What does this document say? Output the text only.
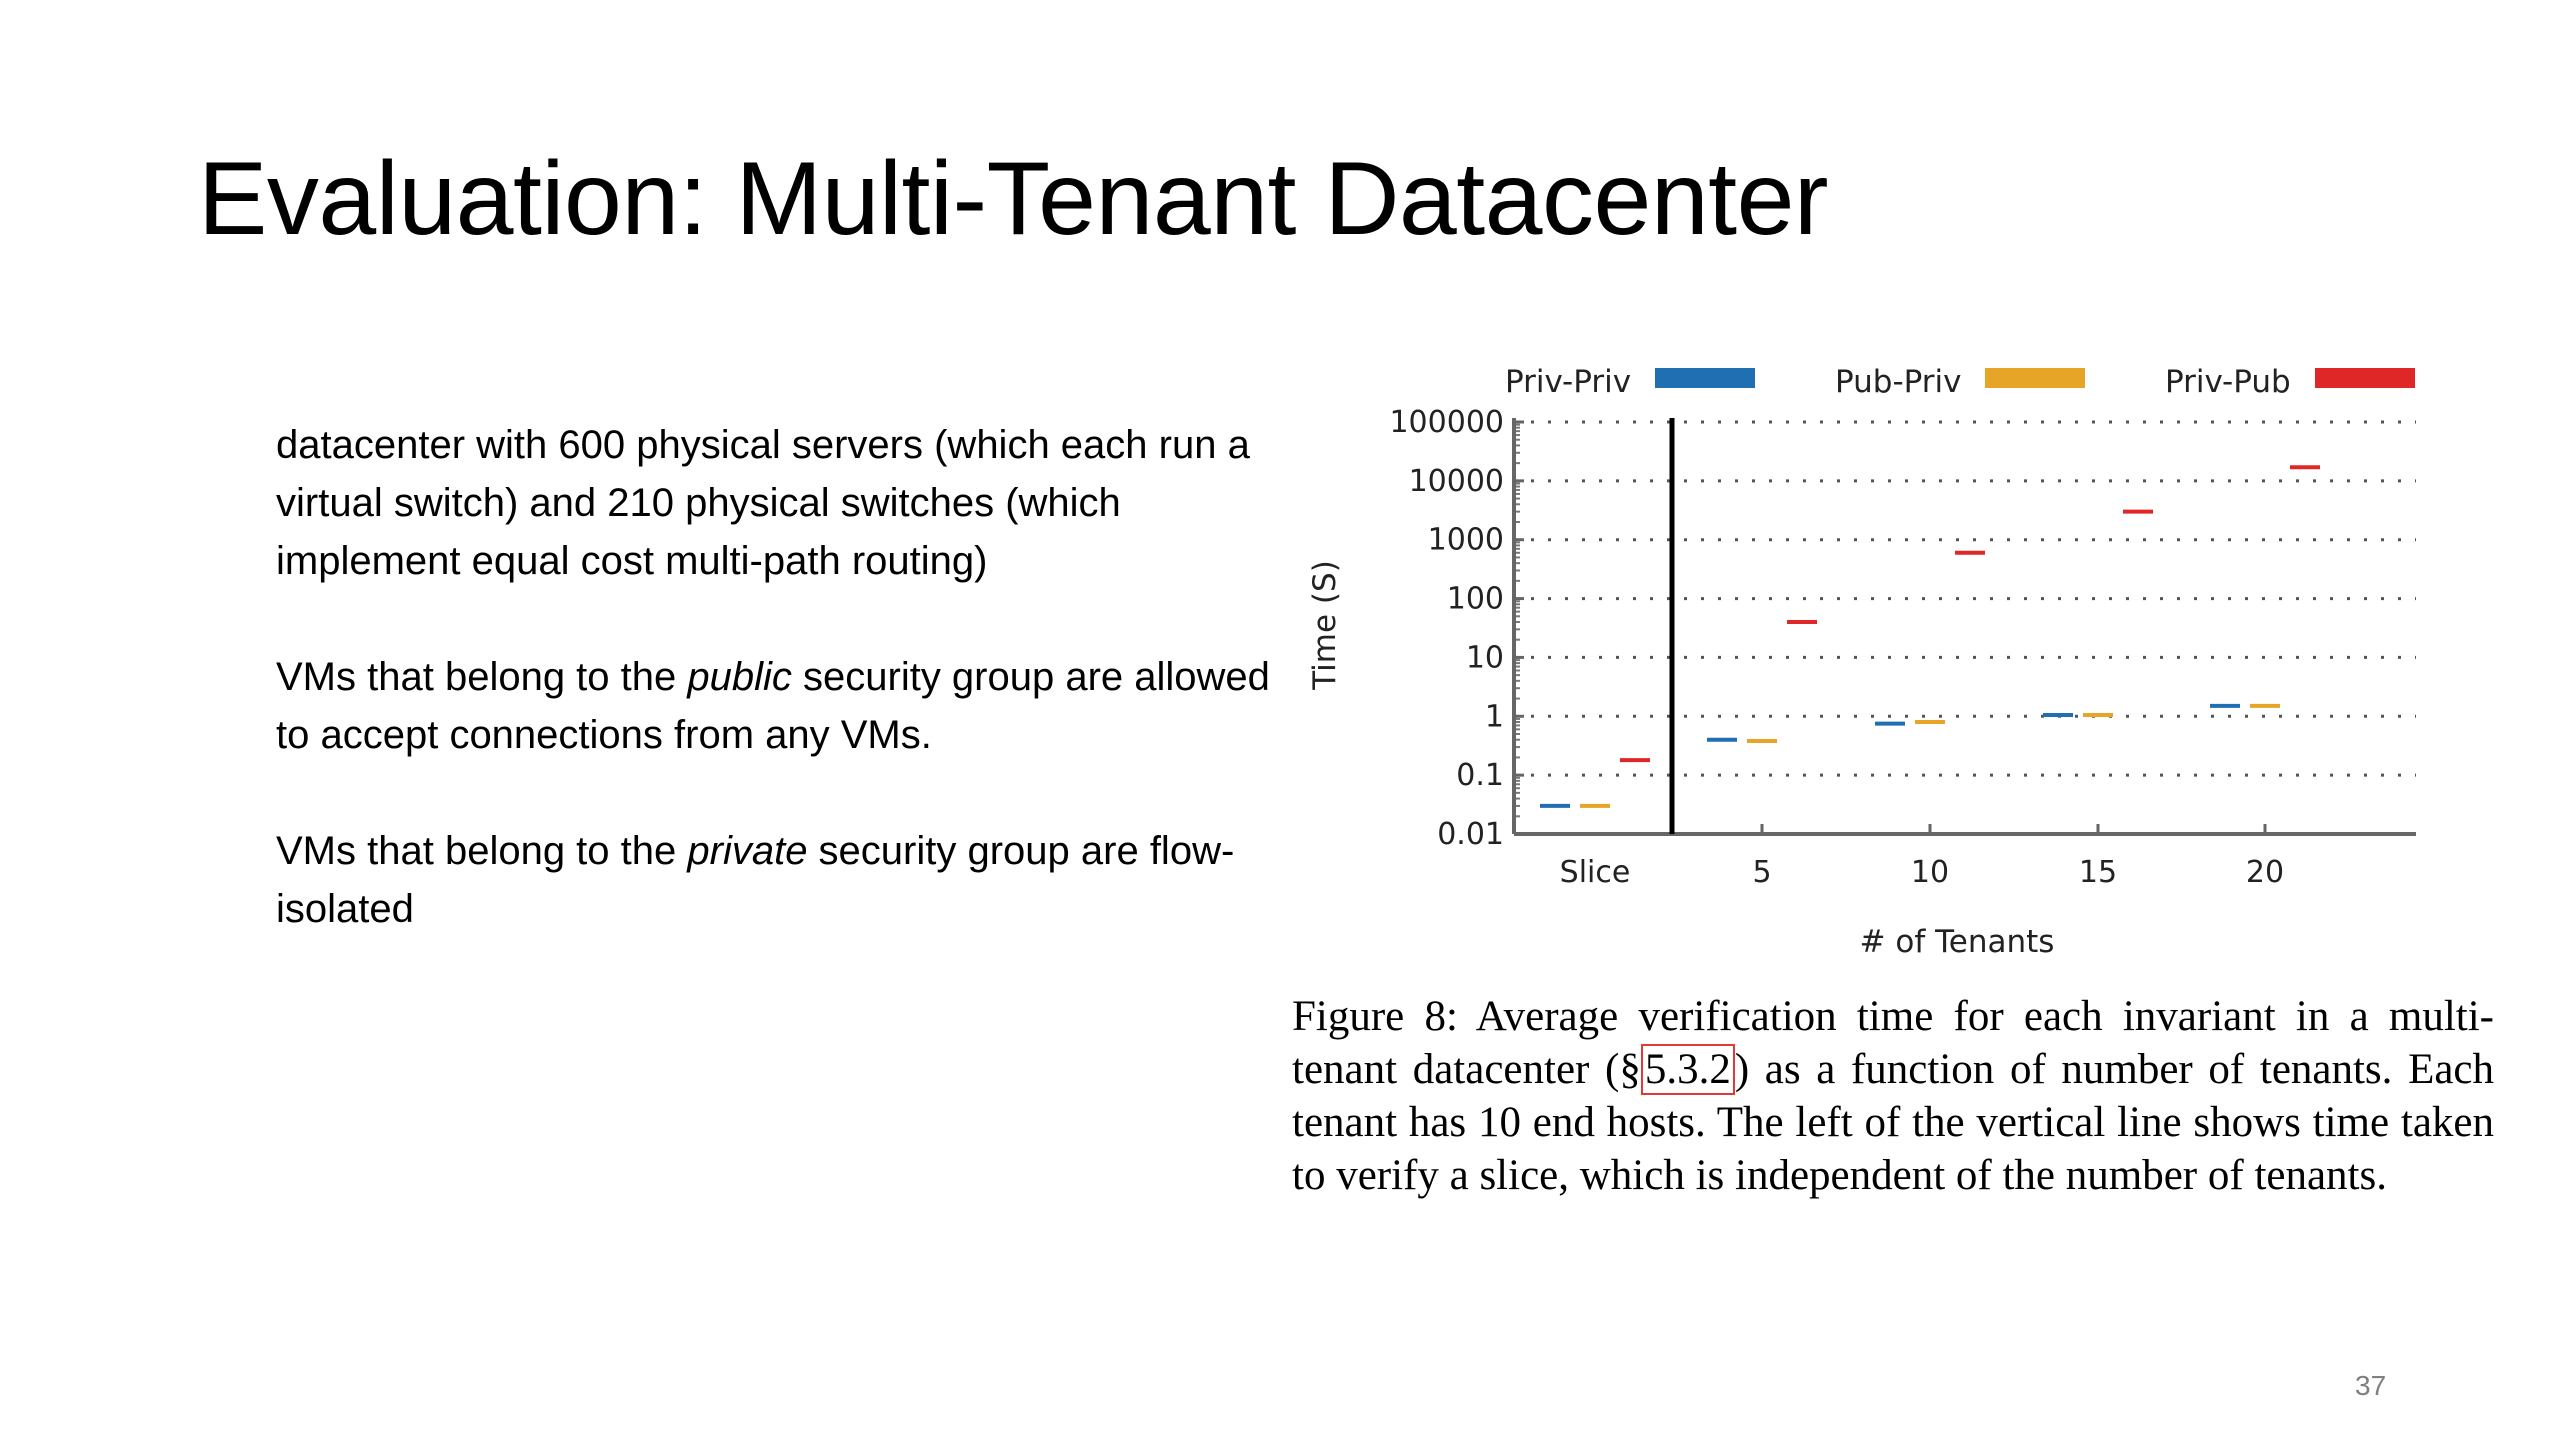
Evaluation: Multi-Tenant Datacenter

datacenter with 600 physical servers (which each run a virtual switch) and 210 physical switches (which implement equal cost multi-path routing)

VMs that belong to the public security group are allowed to accept connections from any VMs.

VMs that belong to the private security group are flow-isolated

0.01
0.1
1
10
100
1000
10000
100000
Slice	5	10	15	20
Priv-Priv	Pub-Priv	Priv-Pub
# of Tenants
Time (S)

Figure 8: Average verification time for each invariant in a multi-tenant datacenter (§5.3.2) as a function of number of tenants. Each tenant has 10 end hosts. The left of the vertical line shows time taken to verify a slice, which is independent of the number of tenants.

37
